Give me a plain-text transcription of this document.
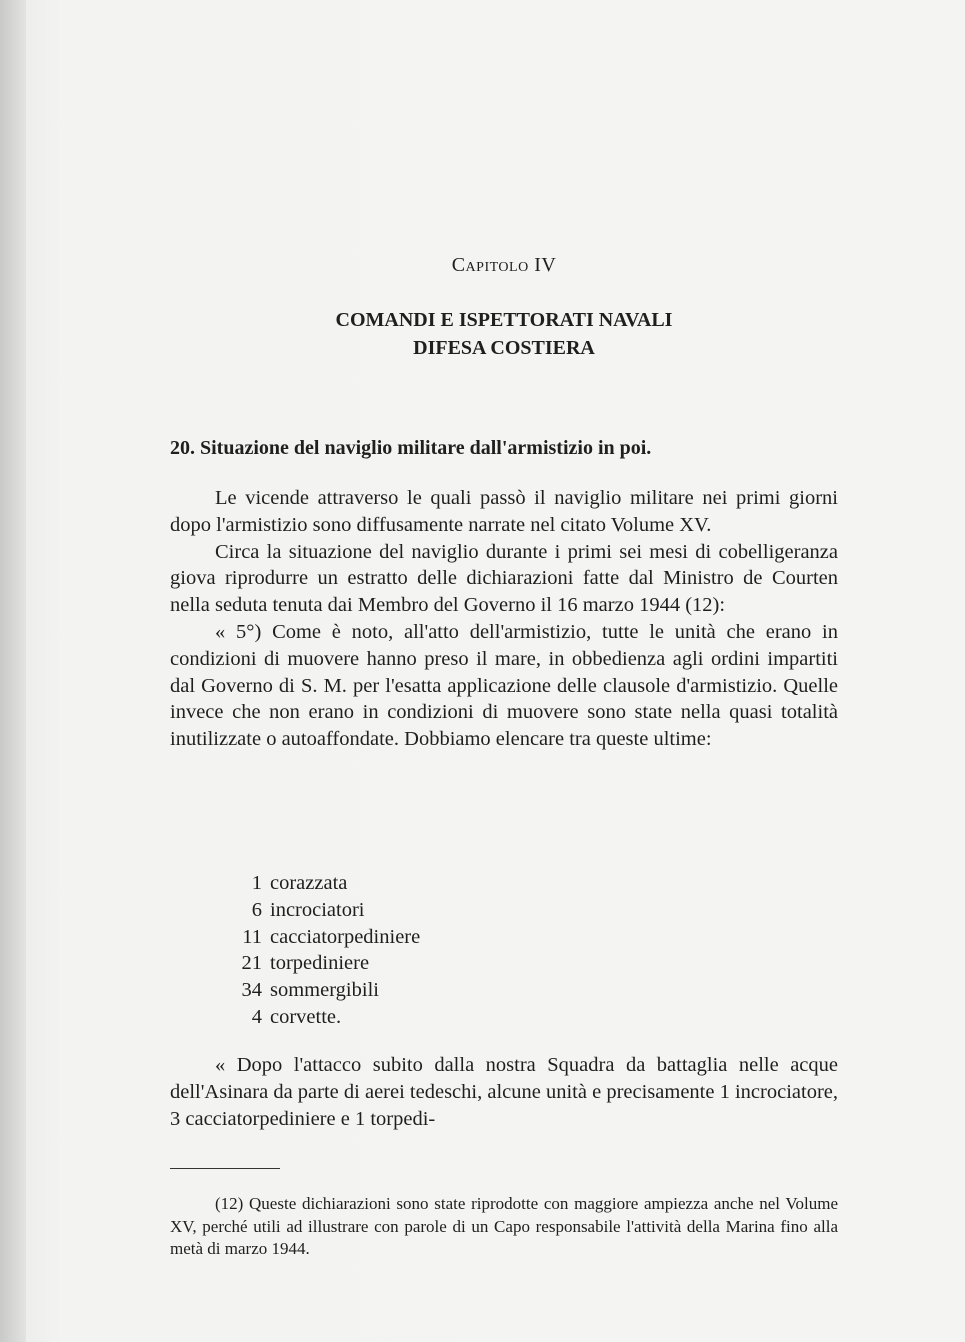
Capitolo IV
COMANDI E ISPETTORATI NAVALI
DIFESA COSTIERA
20. Situazione del naviglio militare dall'armistizio in poi.

Le vicende attraverso le quali passò il naviglio militare nei primi giorni dopo l'armistizio sono diffusamente narrate nel citato Volume XV.

Circa la situazione del naviglio durante i primi sei mesi di cobelligeranza giova riprodurre un estratto delle dichiarazioni fatte dal Ministro de Courten nella seduta tenuta dai Membro del Governo il 16 marzo 1944 (12):

« 5°) Come è noto, all'atto dell'armistizio, tutte le unità che erano in condizioni di muovere hanno preso il mare, in obbedienza agli ordini impartiti dal Governo di S. M. per l'esatta applicazione delle clausole d'armistizio. Quelle invece che non erano in condizioni di muovere sono state nella quasi totalità inutilizzate o autoaffondate. Dobbiamo elencare tra queste ultime:

1 corazzata
6 incrociatori
11 cacciatorpediniere
21 torpediniere
34 sommergibili
4 corvette.

« Dopo l'attacco subito dalla nostra Squadra da battaglia nelle acque dell'Asinara da parte di aerei tedeschi, alcune unità e precisamente 1 incrociatore, 3 cacciatorpediniere e 1 torpedi-

(12) Queste dichiarazioni sono state riprodotte con maggiore ampiezza anche nel Volume XV, perché utili ad illustrare con parole di un Capo responsabile l'attività della Marina fino alla metà di marzo 1944.
